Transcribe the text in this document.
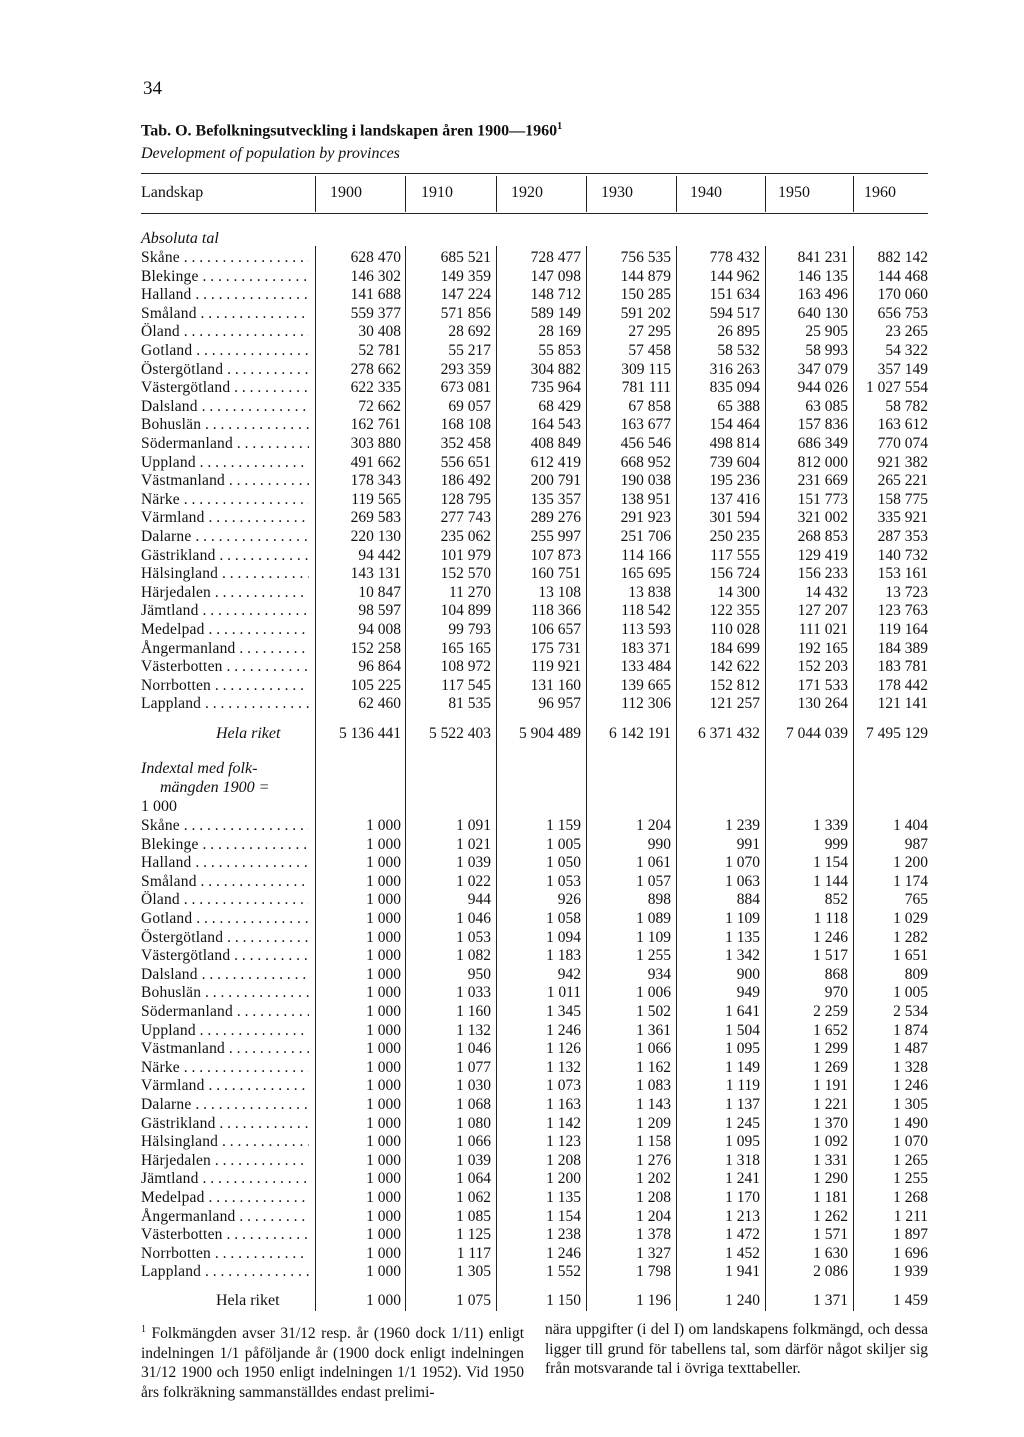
34
Tab. O. Befolkningsutveckling i landskapen åren 1900—1960$^1$
Development of population by provinces
Landskap	1900	1910	1920	1930	1940	1950	1960
Absoluta tal
Skåne . . .	628 470	685 521	728 477	756 535	778 432	841 231	882 142
Blekinge . . .	146 302	149 359	147 098	144 879	144 962	146 135	144 468
Halland . . .	141 688	147 224	148 712	150 285	151 634	163 496	170 060
Småland . . .	559 377	571 856	589 149	591 202	594 517	640 130	656 753
Öland . . .	30 408	28 692	28 169	27 295	26 895	25 905	23 265
Gotland . . .	52 781	55 217	55 853	57 458	58 532	58 993	54 322
Östergötland . . .	278 662	293 359	304 882	309 115	316 263	347 079	357 149
Västergötland . . .	622 335	673 081	735 964	781 111	835 094	944 026	1 027 554
Dalsland . . .	72 662	69 057	68 429	67 858	65 388	63 085	58 782
Bohuslän . . .	162 761	168 108	164 543	163 677	154 464	157 836	163 612
Södermanland . . .	303 880	352 458	408 849	456 546	498 814	686 349	770 074
Uppland . . .	491 662	556 651	612 419	668 952	739 604	812 000	921 382
Västmanland . . .	178 343	186 492	200 791	190 038	195 236	231 669	265 221
Närke . . .	119 565	128 795	135 357	138 951	137 416	151 773	158 775
Värmland . . .	269 583	277 743	289 276	291 923	301 594	321 002	335 921
Dalarne . . .	220 130	235 062	255 997	251 706	250 235	268 853	287 353
Gästrikland . . .	94 442	101 979	107 873	114 166	117 555	129 419	140 732
Hälsingland . . .	143 131	152 570	160 751	165 695	156 724	156 233	153 161
Härjedalen . . .	10 847	11 270	13 108	13 838	14 300	14 432	13 723
Jämtland . . .	98 597	104 899	118 366	118 542	122 355	127 207	123 763
Medelpad . . .	94 008	99 793	106 657	113 593	110 028	111 021	119 164
Ångermanland . . .	152 258	165 165	175 731	183 371	184 699	192 165	184 389
Västerbotten . . .	96 864	108 972	119 921	133 484	142 622	152 203	183 781
Norrbotten . . .	105 225	117 545	131 160	139 665	152 812	171 533	178 442
Lappland . . .	62 460	81 535	96 957	112 306	121 257	130 264	121 141
Hela riket	5 136 441	5 522 403	5 904 489	6 142 191	6 371 432	7 044 039	7 495 129
Indextal med folk-
mängden 1900 =
1 000
Skåne . . .	1 000	1 091	1 159	1 204	1 239	1 339	1 404
Blekinge . . .	1 000	1 021	1 005	990	991	999	987
Halland . . .	1 000	1 039	1 050	1 061	1 070	1 154	1 200
Småland . . .	1 000	1 022	1 053	1 057	1 063	1 144	1 174
Öland . . .	1 000	944	926	898	884	852	765
Gotland . . .	1 000	1 046	1 058	1 089	1 109	1 118	1 029
Östergötland . . .	1 000	1 053	1 094	1 109	1 135	1 246	1 282
Västergötland . . .	1 000	1 082	1 183	1 255	1 342	1 517	1 651
Dalsland . . .	1 000	950	942	934	900	868	809
Bohuslän . . .	1 000	1 033	1 011	1 006	949	970	1 005
Södermanland . . .	1 000	1 160	1 345	1 502	1 641	2 259	2 534
Uppland . . .	1 000	1 132	1 246	1 361	1 504	1 652	1 874
Västmanland . . .	1 000	1 046	1 126	1 066	1 095	1 299	1 487
Närke . . .	1 000	1 077	1 132	1 162	1 149	1 269	1 328
Värmland . . .	1 000	1 030	1 073	1 083	1 119	1 191	1 246
Dalarne . . .	1 000	1 068	1 163	1 143	1 137	1 221	1 305
Gästrikland . . .	1 000	1 080	1 142	1 209	1 245	1 370	1 490
Hälsingland . . .	1 000	1 066	1 123	1 158	1 095	1 092	1 070
Härjedalen . . .	1 000	1 039	1 208	1 276	1 318	1 331	1 265
Jämtland . . .	1 000	1 064	1 200	1 202	1 241	1 290	1 255
Medelpad . . .	1 000	1 062	1 135	1 208	1 170	1 181	1 268
Ångermanland . . .	1 000	1 085	1 154	1 204	1 213	1 262	1 211
Västerbotten . . .	1 000	1 125	1 238	1 378	1 472	1 571	1 897
Norrbotten . . .	1 000	1 117	1 246	1 327	1 452	1 630	1 696
Lappland . . .	1 000	1 305	1 552	1 798	1 941	2 086	1 939
Hela riket	1 000	1 075	1 150	1 196	1 240	1 371	1 459
$^1$ Folkmängden avser 31/12 resp. år (1960 dock 1/11) enligt indelningen 1/1 påföljande år (1900 dock enligt indelningen 31/12 1900 och 1950 enligt indelningen 1/1 1952). Vid 1950 års folkräkning sammanställdes endast prelimi-
nära uppgifter (i del I) om landskapens folkmängd, och dessa ligger till grund för tabellens tal, som därför något skiljer sig från motsvarande tal i övriga texttabeller.
